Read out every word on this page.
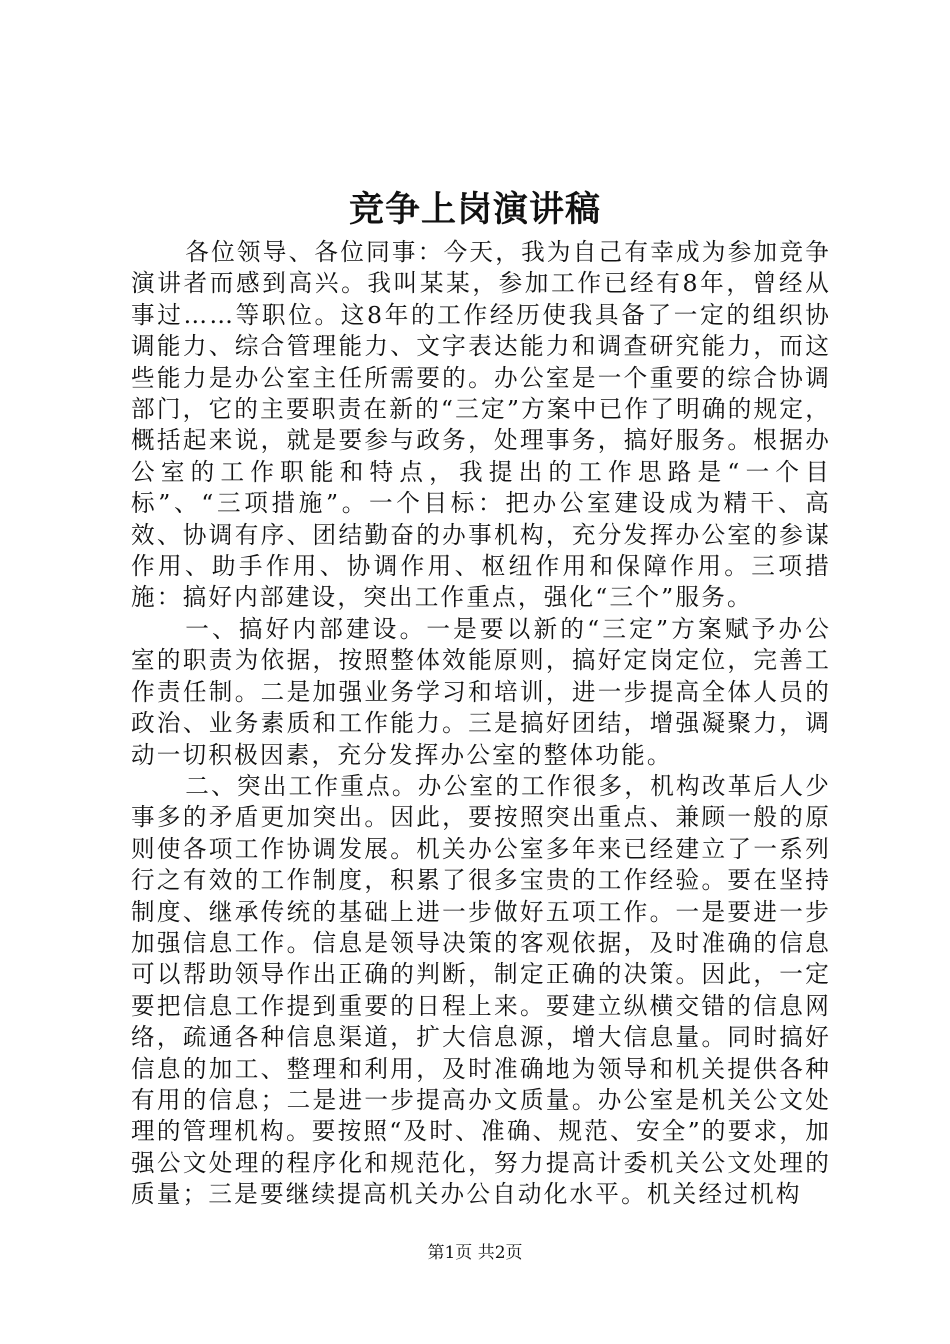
竞争上岗演讲稿

各位领导、各位同事：今天，我为自己有幸成为参加竞争演讲者而感到高兴。我叫某某，参加工作已经有8年，曾经从事过……等职位。这8年的工作经历使我具备了一定的组织协调能力、综合管理能力、文字表达能力和调查研究能力，而这些能力是办公室主任所需要的。办公室是一个重要的综合协调部门，它的主要职责在新的“三定”方案中已作了明确的规定，概括起来说，就是要参与政务，处理事务，搞好服务。根据办公室的工作职能和特点，我提出的工作思路是“一个目标”、“三项措施”。一个目标：把办公室建设成为精干、高效、协调有序、团结勤奋的办事机构，充分发挥办公室的参谋作用、助手作用、协调作用、枢纽作用和保障作用。三项措施：搞好内部建设，突出工作重点，强化“三个”服务。

一、搞好内部建设。一是要以新的“三定”方案赋予办公室的职责为依据，按照整体效能原则，搞好定岗定位，完善工作责任制。二是加强业务学习和培训，进一步提高全体人员的政治、业务素质和工作能力。三是搞好团结，增强凝聚力，调动一切积极因素，充分发挥办公室的整体功能。

二、突出工作重点。办公室的工作很多，机构改革后人少事多的矛盾更加突出。因此，要按照突出重点、兼顾一般的原则使各项工作协调发展。机关办公室多年来已经建立了一系列行之有效的工作制度，积累了很多宝贵的工作经验。要在坚持制度、继承传统的基础上进一步做好五项工作。一是要进一步加强信息工作。信息是领导决策的客观依据，及时准确的信息可以帮助领导作出正确的判断，制定正确的决策。因此，一定要把信息工作提到重要的日程上来。要建立纵横交错的信息网络，疏通各种信息渠道，扩大信息源，增大信息量。同时搞好信息的加工、整理和利用，及时准确地为领导和机关提供各种有用的信息；二是进一步提高办文质量。办公室是机关公文处理的管理机构。要按照“及时、准确、规范、安全”的要求，加强公文处理的程序化和规范化，努力提高计委机关公文处理的质量；三是要继续提高机关办公自动化水平。机关经过机构

第1页 共2页
